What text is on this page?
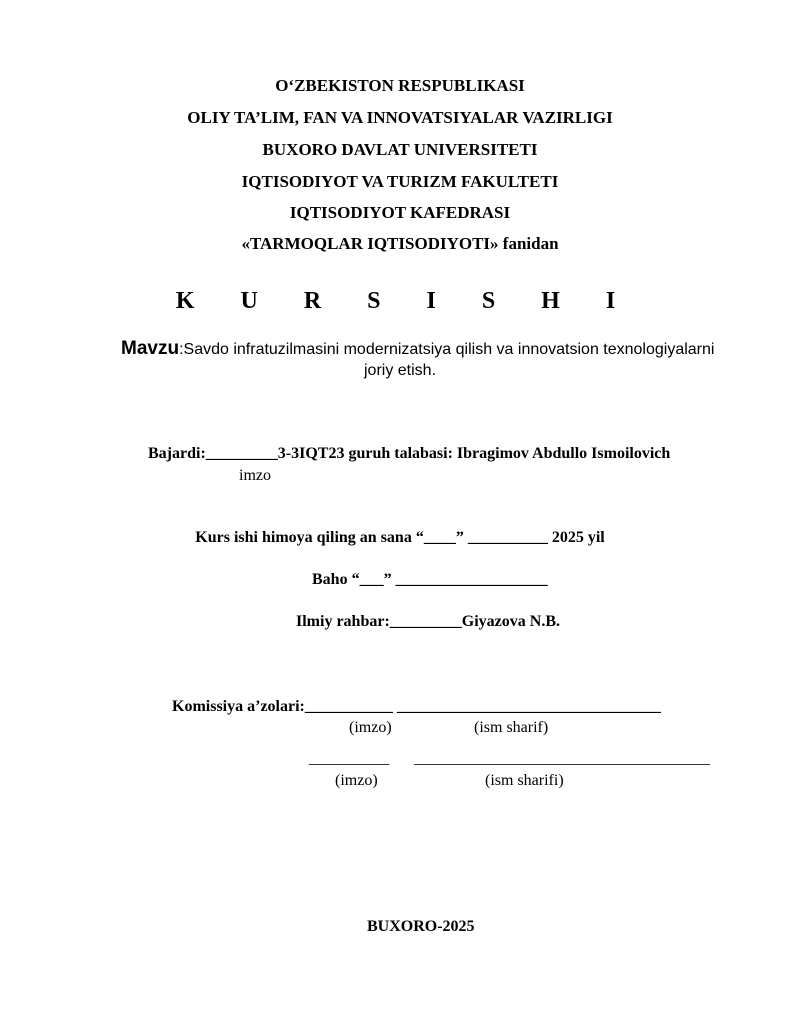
O‘ZBEKISTON RESPUBLIKASI
OLIY TA’LIM, FAN VA INNOVATSIYALAR VAZIRLIGI
BUXORO DAVLAT UNIVERSITETI
IQTISODIYOT VA TURIZM FAKULTETI
IQTISODIYOT KAFEDRASI
«TARMOQLAR IQTISODIYOTI» fanidan
K U R S I S H I
Mavzu:Savdo infratuzilmasini modernizatsiya qilish va innovatsion texnologiyalarni
joriy etish.
Bajardi:_________3-3IQT23 guruh talabasi: Ibragimov Abdullo Ismoilovich
imzo
Kurs ishi himoya qiling an sana “____” __________ 2025 yil
Baho “___” ___________________
Ilmiy rahbar:_________Giyazova N.B.
Komissiya a’zolari:___________ _________________________________
(imzo)	(ism sharif)
__________ _____________________________________
(imzo)	(ism sharifi)
BUXORO-2025
